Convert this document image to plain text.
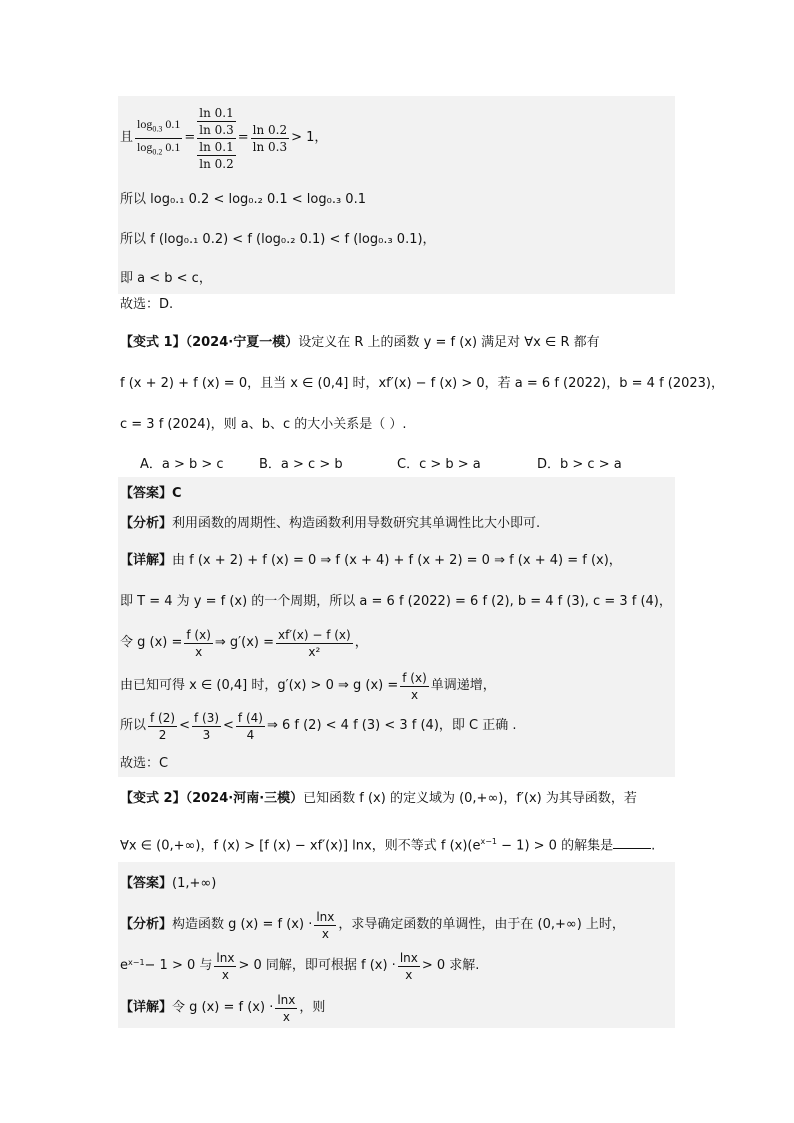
且 $\frac{\log_{0.3} 0.1}{\log_{0.2} 0.1} = \frac{\frac{\ln 0.1}{\ln 0.3}}{\frac{\ln 0.1}{\ln 0.2}} = \frac{\ln 0.2}{\ln 0.3} > 1$，
所以 log₀.₁ 0.2 < log₀.₂ 0.1 < log₀.₃ 0.1
所以 f (log₀.₁ 0.2) < f (log₀.₂ 0.1) < f (log₀.₃ 0.1)，
即 a < b < c，
故选：D.
【变式 1】（2024·宁夏一模）设定义在 R 上的函数 y = f (x) 满足对 ∀x ∈ R 都有
f (x + 2) + f (x) = 0，且当 x ∈ (0,4] 时，xf′(x) − f (x) > 0，若 a = 6 f (2022)，b = 4 f (2023)，
c = 3 f (2024)，则 a、b、c 的大小关系是（ ）.
A．a > b > c	B．a > c > b	C．c > b > a	D．b > c > a
【答案】C
【分析】利用函数的周期性、构造函数利用导数研究其单调性比大小即可.
【详解】由 f (x + 2) + f (x) = 0 ⇒ f (x + 4) + f (x + 2) = 0 ⇒ f (x + 4) = f (x)，
即 T = 4 为 y = f (x) 的一个周期，所以 a = 6 f (2022) = 6 f (2), b = 4 f (3), c = 3 f (4)，
令 g $(x) = \frac{f (x)}{x}$ ⇒ $g'(x) = \frac{xf'(x) - f (x)}{\text{x²}}$ ，
由已知可得 x ∈ (0,4] 时，g′(x) > 0 ⇒ g $(x) = \frac{f (x)}{x}$ 单调递增，
所以 $\frac{f (2)}{2} < \frac{f (3)}{3} < \frac{f (4)}{4}$ ⇒ 6 f (2) < 4 f (3) < 3 f (4)，即 C 正确 .
故选：C
【变式 2】（2024·河南·三模）已知函数 f (x) 的定义域为 (0,+∞)，f′(x) 为其导函数，若
∀x ∈ (0,+∞)，f (x) > [f (x) − xf′(x)] lnx，则不等式 f $(x)(e^{x-1} - 1) > 0$ 的解集是	.
【答案】(1,+∞)
【分析】 构造函数 g (x) = f $(x) \cdot \frac{\ln x}{x}$ ，求导确定函数的单调性，由于在 (0,+∞) 上时，
$e^{x-1} - 1 > 0$ 与 $\frac{\ln x}{x} > 0$ 同解，即可根据 f $(x) \cdot \frac{\ln x}{x} > 0$ 求解.
【详解】 令 g (x) = f $(x) \cdot \frac{\ln x}{x}$ ，则
